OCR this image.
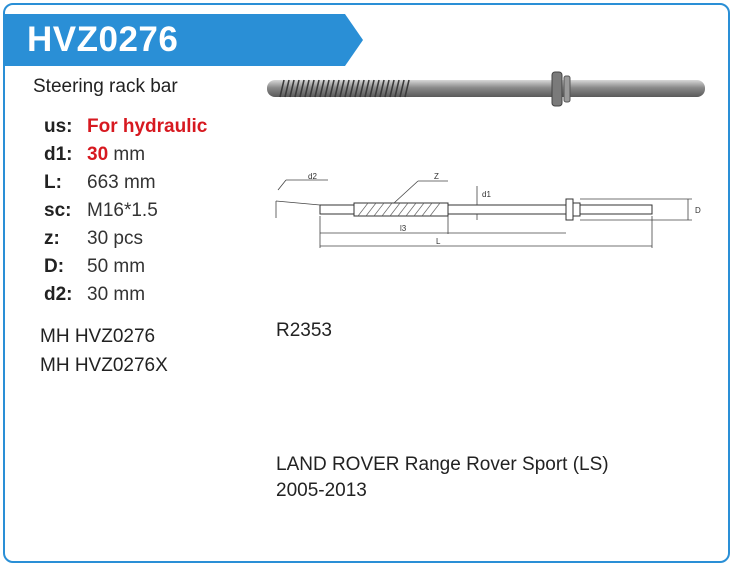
HVZ0276
Steering rack bar
d2	Z
d1
l3
L
D
us: For hydraulic
d1: 30 mm
L: 663 mm
sc: M16*1.5
z: 30 pcs
D: 50 mm
d2: 30 mm
MH HVZ0276
MH HVZ0276X
R2353
LAND ROVER Range Rover Sport (LS)
2005-2013
